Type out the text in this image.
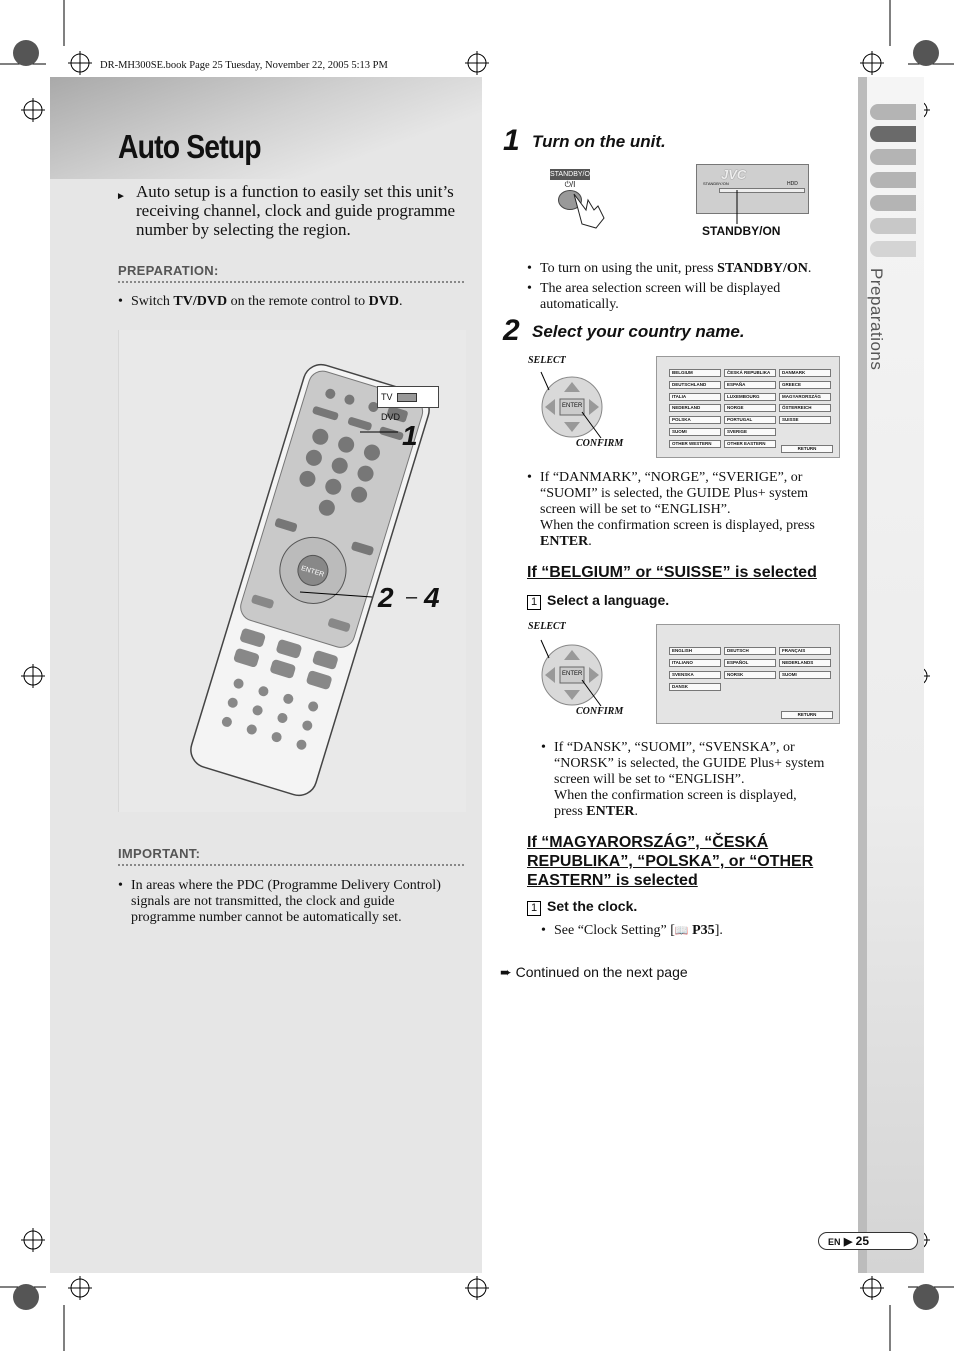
DR-MH300SE.book Page 25 Tuesday, November 22, 2005 5:13 PM
Auto Setup
► Auto setup is a function to easily set this unit’s receiving channel, clock and guide programme number by selecting the region.
PREPARATION:
• Switch TV/DVD on the remote control to DVD.
ENTER
TV  DVD
1
2 – 4
IMPORTANT:
• In areas where the PDC (Programme Delivery Control) signals are not transmitted, the clock and guide programme number cannot be automatically set.
1 Turn on the unit.
STANDBY/ON
⏻/I
JVC
STANDBY/ON	HDD
STANDBY/ON
• To turn on using the unit, press STANDBY/ON.
• The area selection screen will be displayed automatically.
2 Select your country name.
SELECT
CONFIRM
ENTER
BELGIUM	ČESKÁ REPUBLIKA	DANMARK
DEUTSCHLAND	ESPAÑA	GREECE
ITALIA	LUXEMBOURG	MAGYARORSZÁG
NEDERLAND	NORGE	ÖSTERREICH
POLSKA	PORTUGAL	SUISSE
SUOMI	SVERIGE
OTHER WESTERN	OTHER EASTERN
RETURN
• If “DANMARK”, “NORGE”, “SVERIGE”, or
“SUOMI” is selected, the GUIDE Plus+ system
screen will be set to “ENGLISH”.
When the confirmation screen is displayed, press
ENTER.
If “BELGIUM” or “SUISSE” is selected
1 Select a language.
SELECT
CONFIRM
ENTER
ENGLISH	DEUTSCH	FRANÇAIS
ITALIANO	ESPAÑOL	NEDERLANDS
SVENSKA	NORSK	SUOMI
DANSK
RETURN
• If “DANSK”, “SUOMI”, “SVENSKA”, or
“NORSK” is selected, the GUIDE Plus+ system
screen will be set to “ENGLISH”.
When the confirmation screen is displayed,
press ENTER.
If “MAGYARORSZÁG”, “ČESKÁ
REPUBLIKA”, “POLSKA”, or “OTHER
EASTERN” is selected
1 Set the clock.
• See “Clock Setting” [📖 P35].
➨ Continued on the next page
Preparations
EN ▶ 25
